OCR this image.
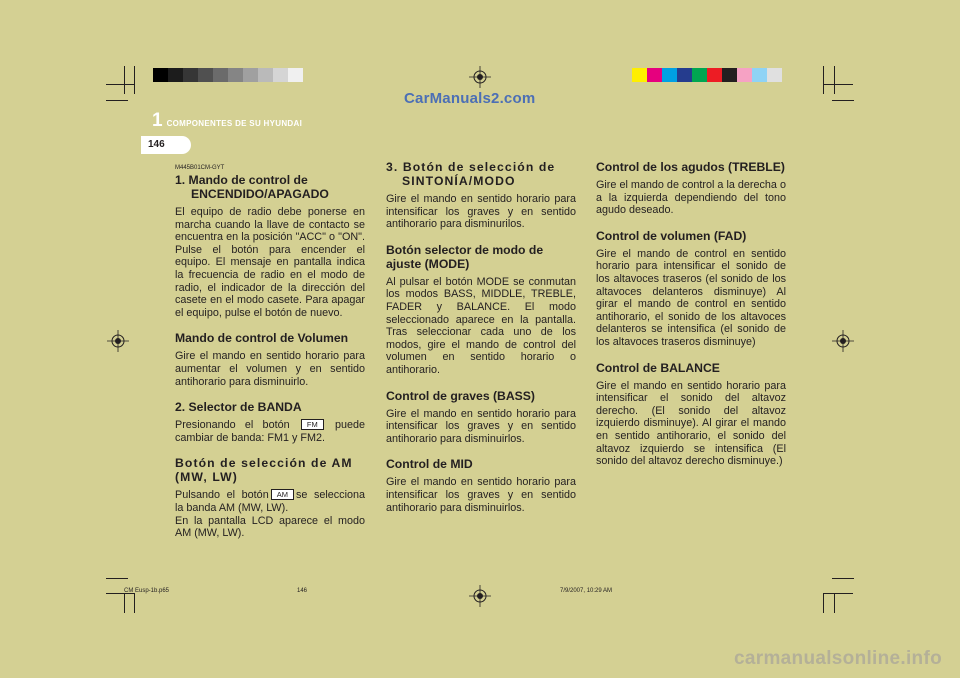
CarManuals2.com
1 COMPONENTES DE SU HYUNDAI
146
M445B01CM-GYT
1. Mando de control de ENCENDIDO/APAGADO

El equipo de radio debe ponerse en marcha cuando la llave de contacto se encuentra en la posición "ACC" o "ON". Pulse el botón para encender el equipo. El mensaje en pantalla indica la frecuencia de radio en el modo de radio, el indicador de la dirección del casete en el modo casete. Para apagar el equipo, pulse el botón de nuevo.

Mando de control de Volumen

Gire el mando en sentido horario para aumentar el volumen y en sentido antihorario para disminuirlo.

2. Selector de BANDA

Presionando el botón FM puede cambiar de banda: FM1 y FM2.

Botón de selección de AM (MW, LW)

Pulsando el botón AM se selecciona la banda AM (MW, LW).

En la pantalla LCD aparece el modo AM (MW, LW).

3. Botón de selección de SINTONÍA/MODO

Gire el mando en sentido horario para intensificar los graves y en sentido antihorario para disminurilos.

Botón selector de modo de ajuste (MODE)

Al pulsar el botón MODE se conmutan los modos BASS, MIDDLE, TREBLE, FADER y BALANCE. El modo seleccionado aparece en la pantalla. Tras seleccionar cada uno de los modos, gire el mando de control del volumen en sentido horario o antihorario.

Control de graves (BASS)

Gire el mando en sentido horario para intensificar los graves y en sentido antihorario para disminuirlos.

Control de MID

Gire el mando en sentido horario para intensificar los graves y en sentido antihorario para disminuirlos.

Control de los agudos (TREBLE)

Gire el mando de control a la derecha o a la izquierda dependiendo del tono agudo deseado.

Control de volumen (FAD)

Gire el mando de control en sentido horario para intensificar el sonido de los altavoces traseros (el sonido de los altavoces delanteros disminuye) Al girar el mando de control en sentido antihorario, el sonido de los altavoces delanteros se intensifica (el sonido de los altavoces traseros disminuye)

Control de BALANCE

Gire el mando en sentido horario para intensificar el sonido del altavoz derecho. (El sonido del altavoz izquierdo disminuye). Al girar el mando en sentido antihorario, el sonido del altavoz izquierdo se intensifica (El sonido del altavoz derecho disminuye.)

CM Eusp-1b.p65	146	7/9/2007, 10:29 AM
carmanualsonline.info
